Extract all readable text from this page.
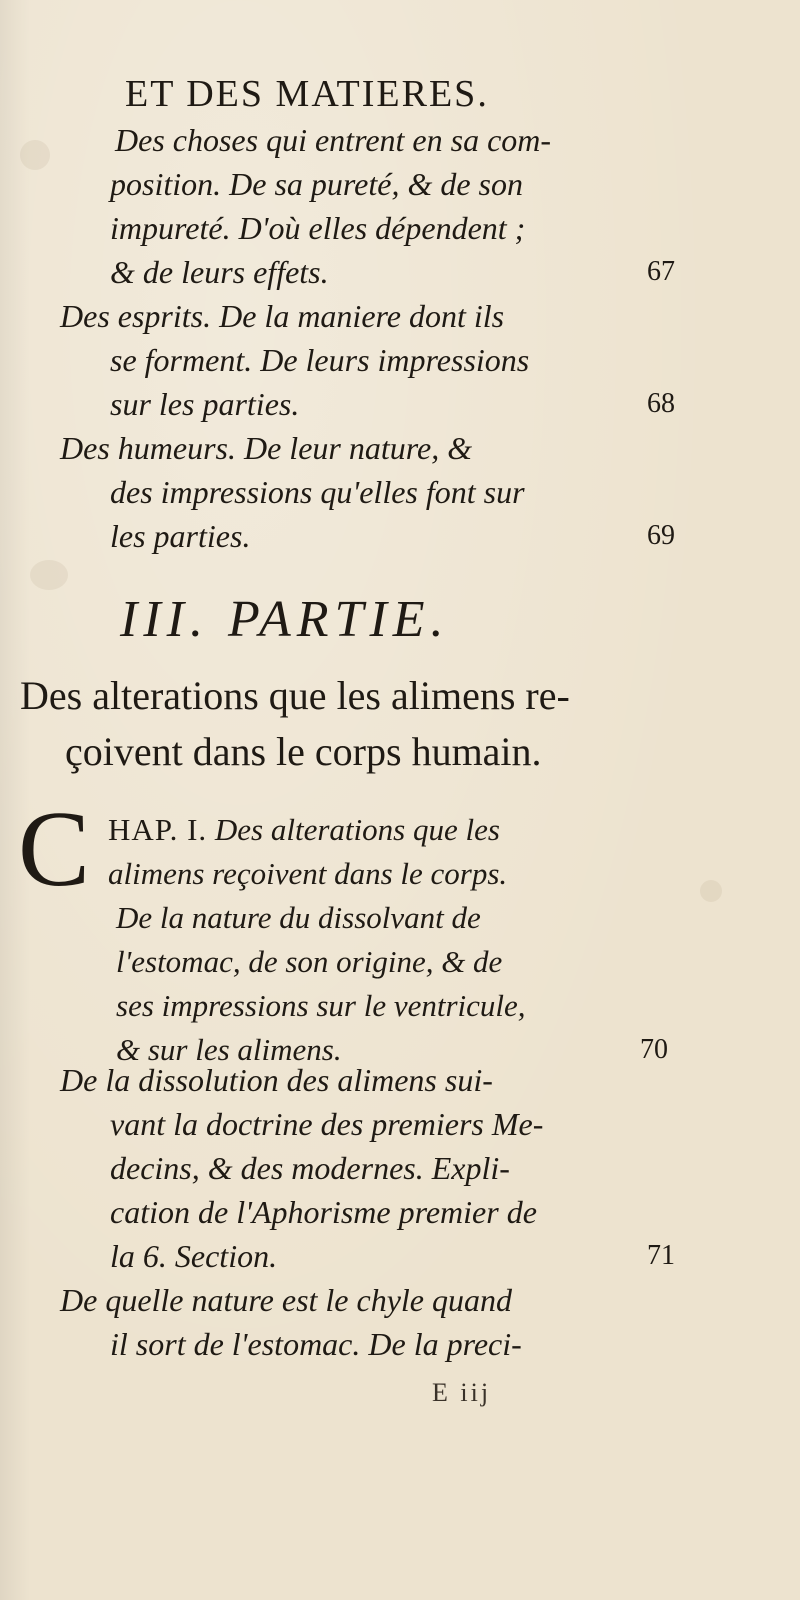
ET DES MATIERES.
Des choses qui entrent en sa com-
position. De sa pureté, & de son
impureté. D'où elles dépendent ;
& de leurs effets.	67
Des esprits. De la maniere dont ils
se forment. De leurs impressions
sur les parties.	68
Des humeurs. De leur nature, &
des impressions qu'elles font sur
les parties.	69
III. PARTIE.
Des alterations que les alimens re-
çoivent dans le corps humain.
C HAP. I. Des alterations que les
alimens reçoivent dans le corps.
De la nature du dissolvant de
l'estomac, de son origine, & de
ses impressions sur le ventricule,
& sur les alimens.	70
De la dissolution des alimens sui-
vant la doctrine des premiers Me-
decins, & des modernes. Expli-
cation de l'Aphorisme premier de
la 6. Section.	71
De quelle nature est le chyle quand
il sort de l'estomac. De la preci-
E iij
